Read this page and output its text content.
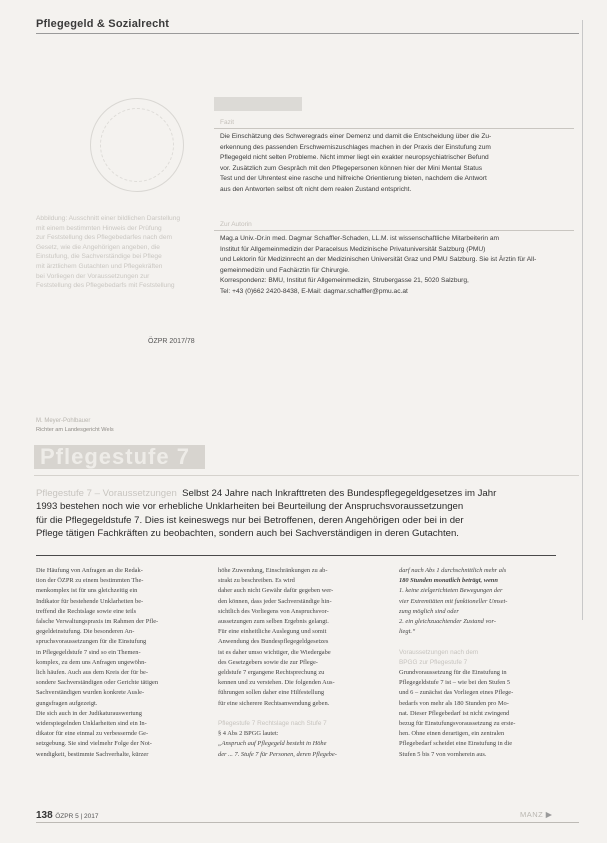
Pflegegeld & Sozialrecht
Abbildung: Ausschnitt einer bildlichen Darstellung
mit einem bestimmten Hinweis der Prüfung
zur Feststellung des Pflegebedarfes nach dem
Gesetz, wie die Angehörigen angeben, die
Einstufung, die Sachverständige bei Pflege
mit ärztlichem Gutachten und Pflegekräften
bei Vorliegen der Voraussetzungen zur
Feststellung des Pflegebedarfs mit Feststellung
ÖZPR 2017/78
Fazit
Die Einschätzung des Schweregrads einer Demenz und damit die Entscheidung über die Zu-
erkennung des passenden Erschwerniszuschlages machen in der Praxis der Einstufung zum
Pflegegeld nicht selten Probleme. Nicht immer liegt ein exakter neuropsychiatrischer Befund
vor. Zusätzlich zum Gespräch mit den Pflegepersonen können hier der Mini Mental Status
Test und der Uhrentest eine rasche und hilfreiche Orientierung bieten, nachdem die Antwort
aus den Antworten selbst oft nicht dem realen Zustand entspricht.
Zur Autorin
Mag.a Univ.-Dr.in med. Dagmar Schaffler-Schaden, LL.M. ist wissenschaftliche Mitarbeiterin am
Institut für Allgemeinmedizin der Paracelsus Medizinische Privatuniversität Salzburg (PMU)
und Lektorin für Medizinrecht an der Medizinischen Universität Graz und PMU Salzburg. Sie ist Ärztin für All-
gemeinmedizin und Fachärztin für Chirurgie.
Korrespondenz: BMU, Institut für Allgemeinmedizin, Strubergasse 21, 5020 Salzburg,
Tel: +43 (0)662 2420-8438, E-Mail: dagmar.schaffler@pmu.ac.at
M. Meyer-Pohlbauer
Richter am Landesgericht Wels
Pflegestufe 7
Pflegestufe 7 – Voraussetzungen Selbst 24 Jahre nach Inkrafttreten des Bundespflegegeldgesetzes im Jahr
1993 bestehen noch wie vor erhebliche Unklarheiten bei Beurteilung der Anspruchsvoraussetzungen
für die Pflegegeldstufe 7. Dies ist keineswegs nur bei Betroffenen, deren Angehörigen oder bei in der
Pflege tätigen Fachkräften zu beobachten, sondern auch bei Sachverständigen in deren Gutachten.
Die Häufung von Anfragen an die Redak-
tion der ÖZPR zu einem bestimmten The-
menkomplex ist für uns gleichzeitig ein
Indikator für bestehende Unklarheiten be-
treffend die Rechtslage sowie eine teils
falsche Verwaltungspraxis im Rahmen der Pfle-
gegeldeinstufung. Die besonderen An-
spruchsvoraussetzungen für die Einstufung
in Pflegegeldstufe 7 sind so ein Themen-
komplex, zu dem uns Anfragen ungewöhn-
lich häufen. Auch aus dem Kreis der für be-
sondere Sachverständigen oder Gerichte tätigen
Sachverständigen wurden konkrete Ausle-
gungsfragen aufgezeigt.
Die sich auch in der Judikaturauswertung
widerspiegelnden Unklarheiten sind ein In-
dikator für eine einmal zu verbessernde Ge-
setzgebung. Sie sind vielmehr Folge der Not-
wendigkeit, bestimmte Sachverhalte, kürzer
höhe Zuwendung, Einschränkungen zu ab-
strakt zu beschreiben. Es wird
daher auch nicht Gewähr dafür gegeben wer-
den können, dass jeder Sachverständige hin-
sichtlich des Vorliegens von Anspruchsvor-
aussetzungen zum selben Ergebnis gelangt.
Für eine einheitliche Auslegung und somit
Anwendung des Bundespflegegeldgesetzes
ist es daher umso wichtiger, die Wiedergabe
des Gesetzgebers sowie die zur Pflege-
geldstufe 7 ergangene Rechtsprechung zu
kennen und zu verstehen. Die folgenden Aus-
führungen sollen daher eine Hilfestellung
für eine sicherere Rechtsanwendung geben.

Pflegestufe 7 Rechtslage nach Stufe 7
§ 4 Abs 2 BPGG lautet:
„Anspruch auf Pflegegeld besteht in Höhe
der ... 7. Stufe 7 für Personen, deren Pflegebe-
darf nach Abs 1 durchschnittlich mehr als
180 Stunden monatlich beträgt, wenn
1. keine zielgerichteten Bewegungen der
vier Extremitäten mit funktioneller Umset-
zung möglich sind oder
2. ein gleichzuachtender Zustand vor-
liegt.“

Voraussetzungen nach dem
BPGG zur Pflegestufe 7
Grundvoraussetzung für die Einstufung in
Pflegegeldstufe 7 ist – wie bei den Stufen 5
und 6 – zunächst das Vorliegen eines Pflege-
bedarfs von mehr als 180 Stunden pro Mo-
nat. Dieser Pflegebedarf ist nicht zwingend
bezug für Einstufungsvoraussetzung zu erste-
hen. Ohne einen derartigen, ein zentralen
Pflegebedarf scheidet eine Einstufung in die
Stufen 5 bis 7 von vornherein aus.
138 ÖZPR 5 | 2017	MANZ ▶
